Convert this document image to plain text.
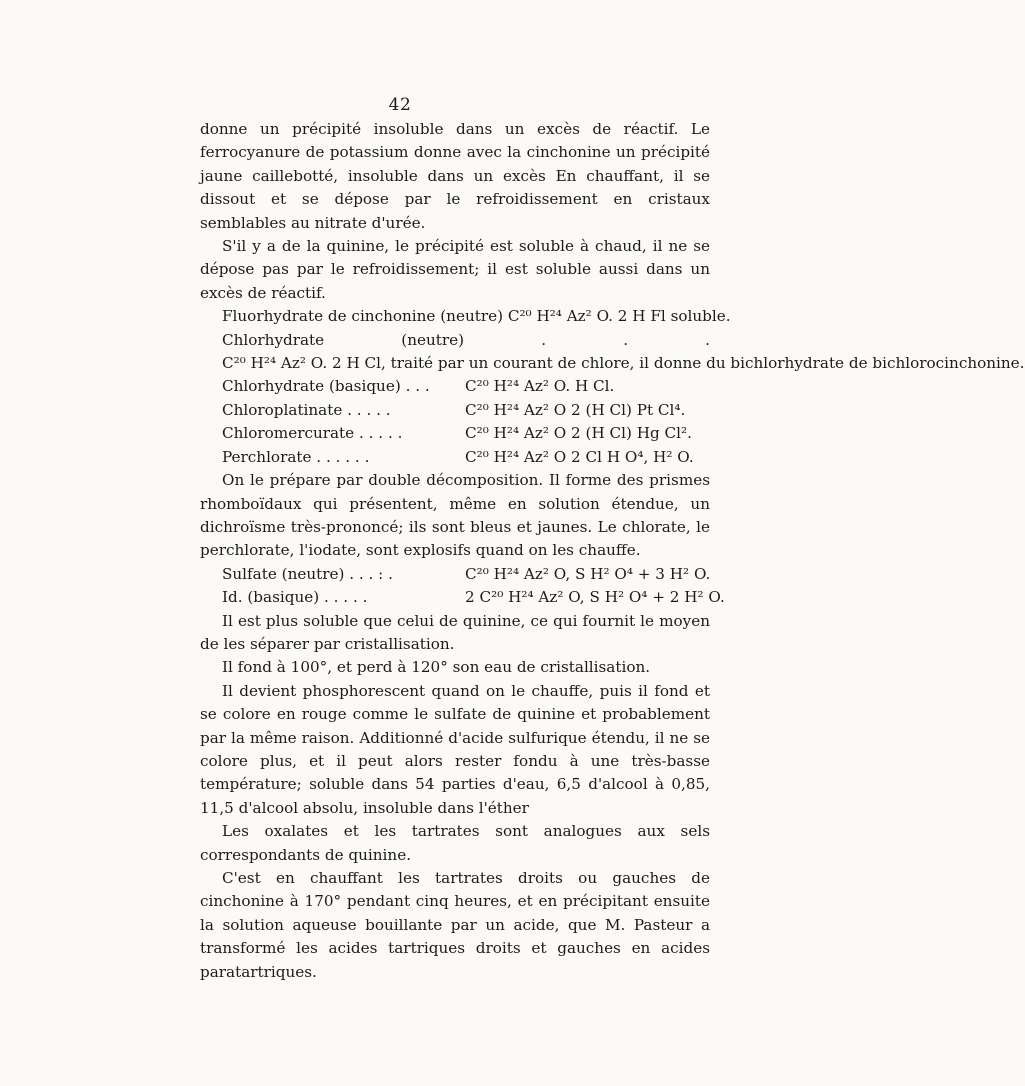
42

donne un précipité insoluble dans un excès de réactif. Le ferrocyanure de potassium donne avec la cinchonine un précipité jaune caillebotté, insoluble dans un excès En chauffant, il se dissout et se dépose par le refroidissement en cristaux semblables au nitrate d'urée.

S'il y a de la quinine, le précipité est soluble à chaud, il ne se dépose pas par le refroidissement; il est soluble aussi dans un excès de réactif.

Fluorhydrate de cinchonine (neutre) C²⁰ H²⁴ Az² O. 2 H Fl soluble.
Chlorhydrate (neutre) . . . C²⁰ H²⁴ Az² O. 2 H Cl, traité par un courant de chlore, il donne du bichlorhydrate de bichlorocinchonine.
Chlorhydrate (basique) . . .	C²⁰ H²⁴ Az² O. H Cl.
Chloroplatinate . . . . .	C²⁰ H²⁴ Az² O 2 (H Cl) Pt Cl⁴.
Chloromercurate . . . . .	C²⁰ H²⁴ Az² O 2 (H Cl) Hg Cl².
Perchlorate . . . . . .	C²⁰ H²⁴ Az² O 2 Cl H O⁴, H² O.

On le prépare par double décomposition. Il forme des prismes rhomboïdaux qui présentent, même en solution étendue, un dichroïsme très-prononcé; ils sont bleus et jaunes. Le chlorate, le perchlorate, l'iodate, sont explosifs quand on les chauffe.

Sulfate (neutre) . . . : .	C²⁰ H²⁴ Az² O, S H² O⁴ + 3 H² O.
Id. (basique) . . . . .	2 C²⁰ H²⁴ Az² O, S H² O⁴ + 2 H² O.

Il est plus soluble que celui de quinine, ce qui fournit le moyen de les séparer par cristallisation.

Il fond à 100°, et perd à 120° son eau de cristallisation.

Il devient phosphorescent quand on le chauffe, puis il fond et se colore en rouge comme le sulfate de quinine et probablement par la même raison. Additionné d'acide sulfurique étendu, il ne se colore plus, et il peut alors rester fondu à une très-basse température; soluble dans 54 parties d'eau, 6,5 d'alcool à 0,85, 11,5 d'alcool absolu, insoluble dans l'éther

Les oxalates et les tartrates sont analogues aux sels correspondants de quinine.

C'est en chauffant les tartrates droits ou gauches de cinchonine à 170° pendant cinq heures, et en précipitant ensuite la solution aqueuse bouillante par un acide, que M. Pasteur a transformé les acides tartriques droits et gauches en acides paratartriques.
